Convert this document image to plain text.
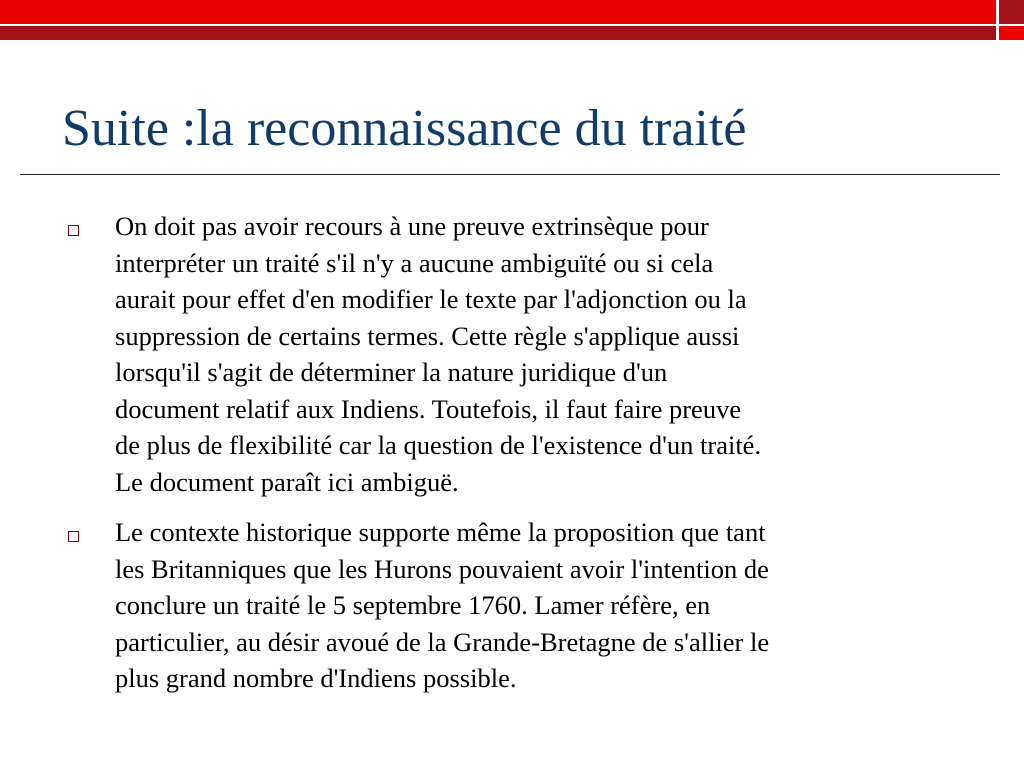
Suite :la reconnaissance du traité
On doit pas avoir recours à une preuve extrinsèque pour
interpréter un traité s'il n'y a aucune ambiguïté ou si cela
aurait pour effet d'en modifier le texte par l'adjonction ou la
suppression de certains termes. Cette règle s'applique aussi
lorsqu'il s'agit de déterminer la nature juridique d'un
document relatif aux Indiens. Toutefois, il faut faire preuve
de plus de flexibilité car la question de l'existence d'un traité.
Le document paraît ici ambiguë.
Le contexte historique supporte même la proposition que tant
les Britanniques que les Hurons pouvaient avoir l'intention de
conclure un traité le 5 septembre 1760. Lamer réfère, en
particulier, au désir avoué de la Grande-Bretagne de s'allier le
plus grand nombre d'Indiens possible.
